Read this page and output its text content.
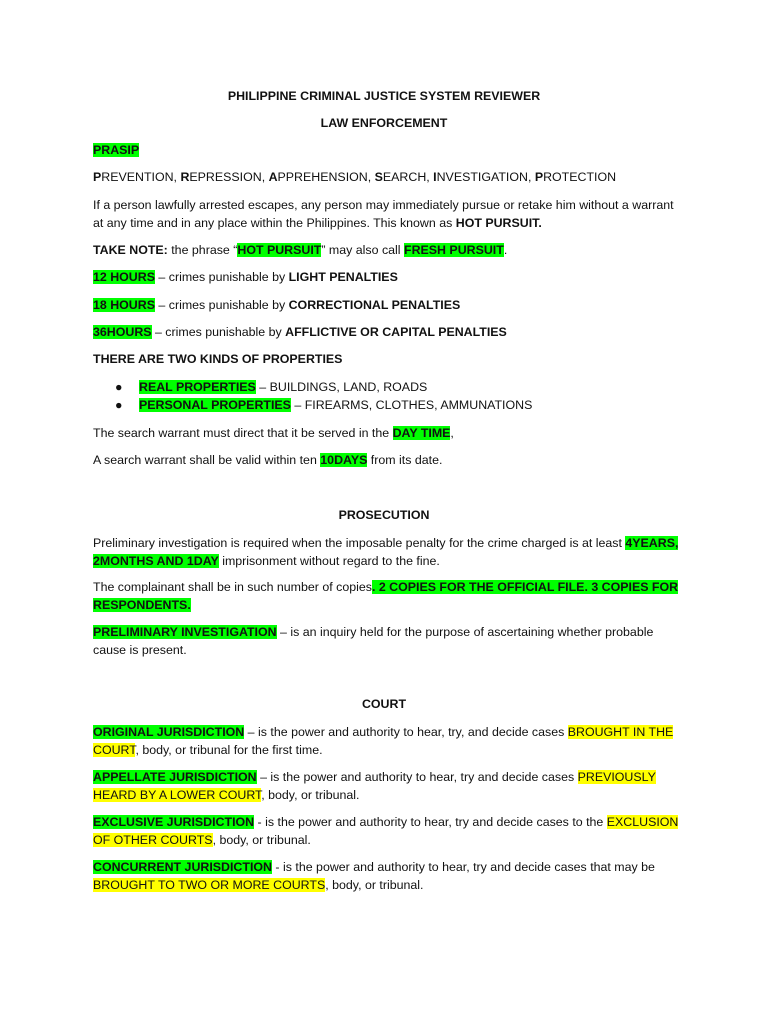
PHILIPPINE CRIMINAL JUSTICE SYSTEM REVIEWER

LAW ENFORCEMENT

PRASIP

PREVENTION, REPRESSION, APPREHENSION, SEARCH, INVESTIGATION, PROTECTION

If a person lawfully arrested escapes, any person may immediately pursue or retake him without a warrant at any time and in any place within the Philippines. This known as HOT PURSUIT.

TAKE NOTE: the phrase “HOT PURSUIT” may also call FRESH PURSUIT.

12 HOURS – crimes punishable by LIGHT PENALTIES

18 HOURS – crimes punishable by CORRECTIONAL PENALTIES

36HOURS – crimes punishable by AFFLICTIVE OR CAPITAL PENALTIES

THERE ARE TWO KINDS OF PROPERTIES

● REAL PROPERTIES – BUILDINGS, LAND, ROADS
● PERSONAL PROPERTIES – FIREARMS, CLOTHES, AMMUNATIONS

The search warrant must direct that it be served in the DAY TIME,

A search warrant shall be valid within ten 10DAYS from its date.

PROSECUTION

Preliminary investigation is required when the imposable penalty for the crime charged is at least 4YEARS, 2MONTHS AND 1DAY imprisonment without regard to the fine.

The complainant shall be in such number of copies. 2 COPIES FOR THE OFFICIAL FILE. 3 COPIES FOR RESPONDENTS.

PRELIMINARY INVESTIGATION – is an inquiry held for the purpose of ascertaining whether probable cause is present.

COURT

ORIGINAL JURISDICTION – is the power and authority to hear, try, and decide cases BROUGHT IN THE COURT, body, or tribunal for the first time.

APPELLATE JURISDICTION – is the power and authority to hear, try and decide cases PREVIOUSLY HEARD BY A LOWER COURT, body, or tribunal.

EXCLUSIVE JURISDICTION - is the power and authority to hear, try and decide cases to the EXCLUSION OF OTHER COURTS, body, or tribunal.

CONCURRENT JURISDICTION - is the power and authority to hear, try and decide cases that may be BROUGHT TO TWO OR MORE COURTS, body, or tribunal.
